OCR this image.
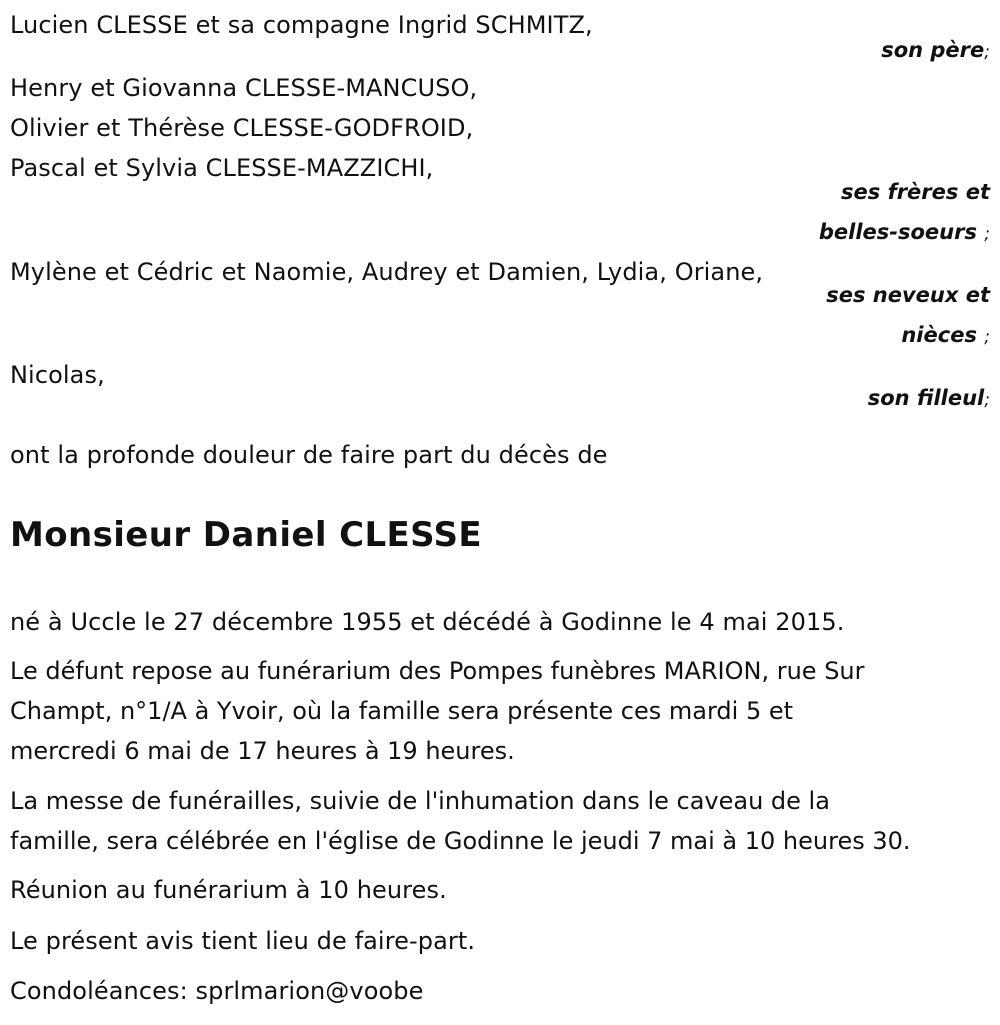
Lucien CLESSE et sa compagne Ingrid SCHMITZ,
son père;
Henry et Giovanna CLESSE-MANCUSO,
Olivier et Thérèse CLESSE-GODFROID,
Pascal et Sylvia CLESSE-MAZZICHI,
ses frères et
belles-soeurs ;
Mylène et Cédric et Naomie, Audrey et Damien, Lydia, Oriane,
ses neveux et
nièces ;
Nicolas,
son filleul;
ont la profonde douleur de faire part du décès de
Monsieur Daniel CLESSE
né à Uccle le 27 décembre 1955 et décédé à Godinne le 4 mai 2015.
Le défunt repose au funérarium des Pompes funèbres MARION, rue Sur
Champt, n°1/A à Yvoir, où la famille sera présente ces mardi 5 et
mercredi 6 mai de 17 heures à 19 heures.
La messe de funérailles, suivie de l'inhumation dans le caveau de la
famille, sera célébrée en l'église de Godinne le jeudi 7 mai à 10 heures 30.
Réunion au funérarium à 10 heures.
Le présent avis tient lieu de faire-part.
Condoléances: sprlmarion@voobe
